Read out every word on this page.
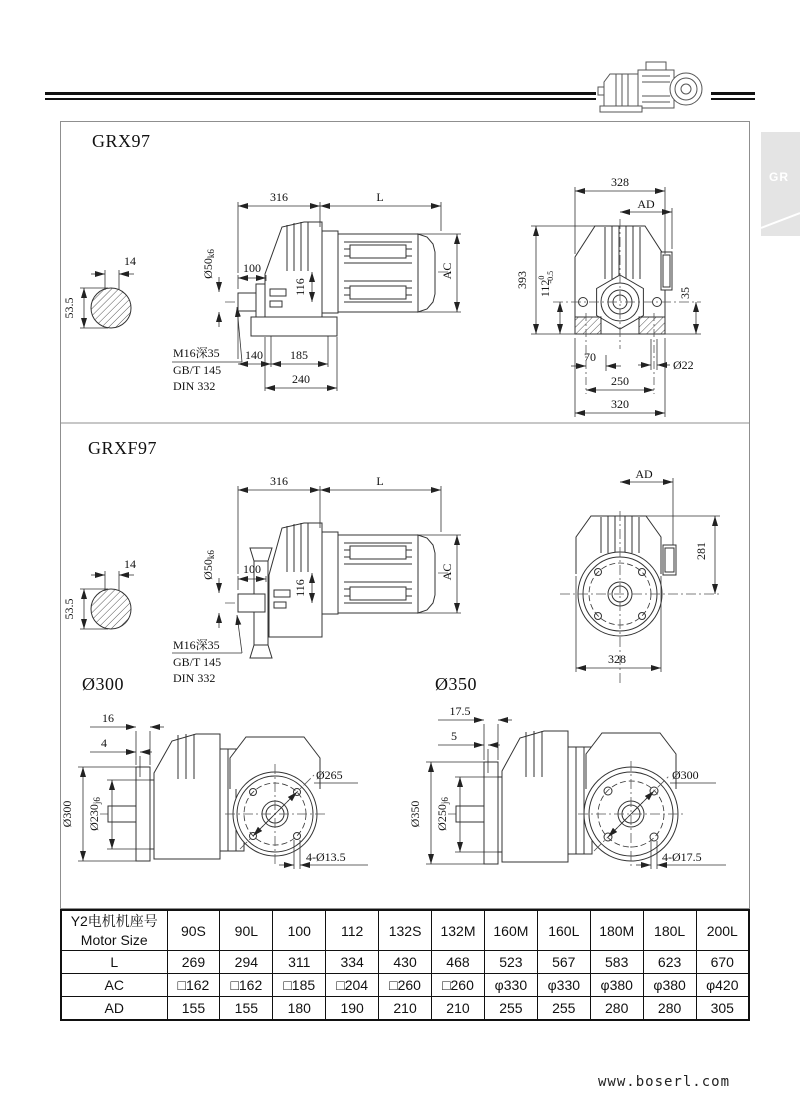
GR
GRX97
GRXF97
Ø300	Ø350
316	L
100
Ø50k6
116
AC
14
53.5
M16深35
GB/T 145
DIN 332
140 185
240
328
AD
393 $112^0-0.5$
35
70
Ø22
250
320
316	L
100
Ø50k6
116
AC
14
53.5
M16深35
GB/T 145
DIN 332
AD
281
328
16
4
Ø300 Ø230j6
Ø265
4-Ø13.5
17.5
5
Ø350 Ø250j6
Ø300
4-Ø17.5
Y2电机机座号
Motor Size	90S	90L	100	112	132S	132M	160M	160L	180M	180L	200L
L	269	294	311	334	430	468	523	567	583	623	670
AC	□162	□162	□185	□204	□260	□260	φ330	φ330	φ380	φ380	φ420
AD	155	155	180	190	210	210	255	255	280	280	305
www.boserl.com
